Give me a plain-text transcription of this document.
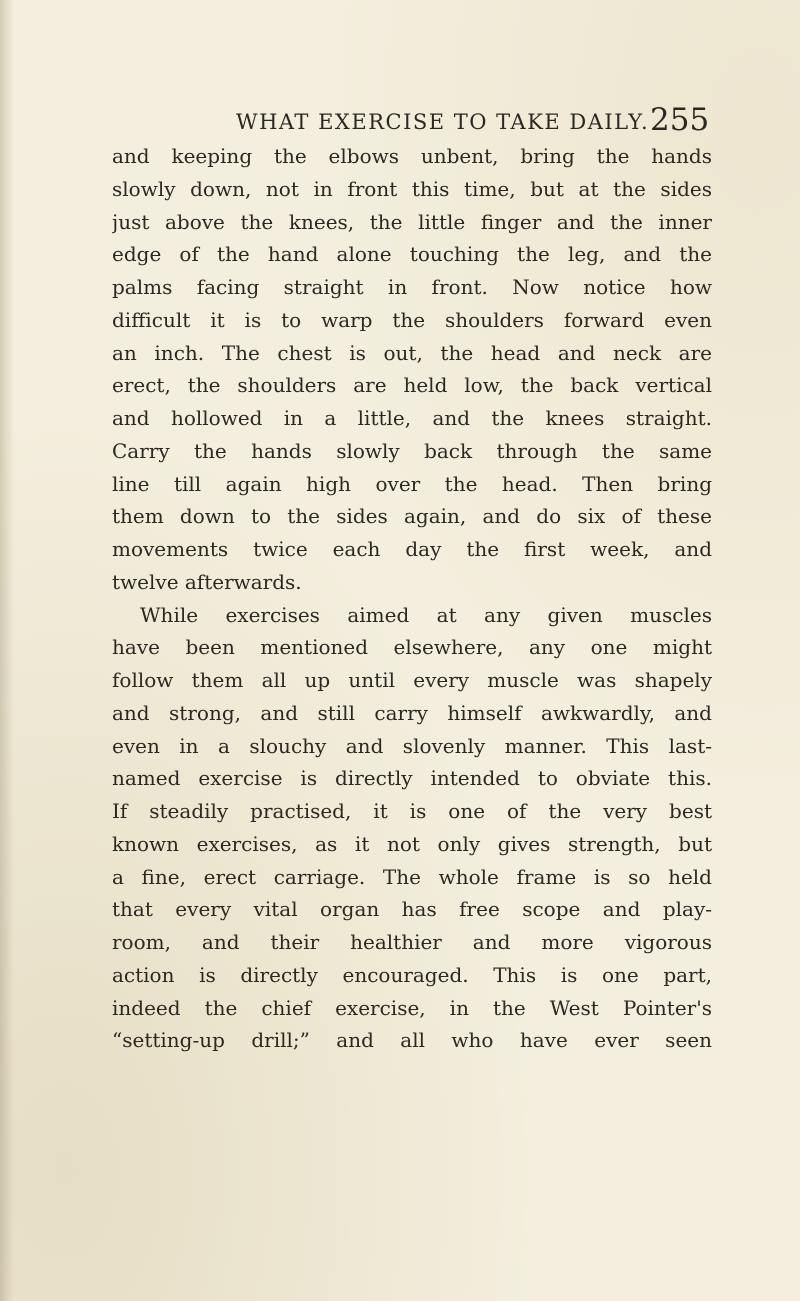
WHAT EXERCISE TO TAKE DAILY. 255
and keeping the elbows unbent, bring the hands
slowly down, not in front this time, but at the sides
just above the knees, the little finger and the inner
edge of the hand alone touching the leg, and the
palms facing straight in front. Now notice how
difficult it is to warp the shoulders forward even
an inch. The chest is out, the head and neck are
erect, the shoulders are held low, the back vertical
and hollowed in a little, and the knees straight.
Carry the hands slowly back through the same
line till again high over the head. Then bring
them down to the sides again, and do six of these
movements twice each day the first week, and
twelve afterwards.
While exercises aimed at any given muscles
have been mentioned elsewhere, any one might
follow them all up until every muscle was shapely
and strong, and still carry himself awkwardly, and
even in a slouchy and slovenly manner. This last-
named exercise is directly intended to obviate this.
If steadily practised, it is one of the very best
known exercises, as it not only gives strength, but
a fine, erect carriage. The whole frame is so held
that every vital organ has free scope and play-
room, and their healthier and more vigorous
action is directly encouraged. This is one part,
indeed the chief exercise, in the West Pointer's
“setting-up drill;” and all who have ever seen
